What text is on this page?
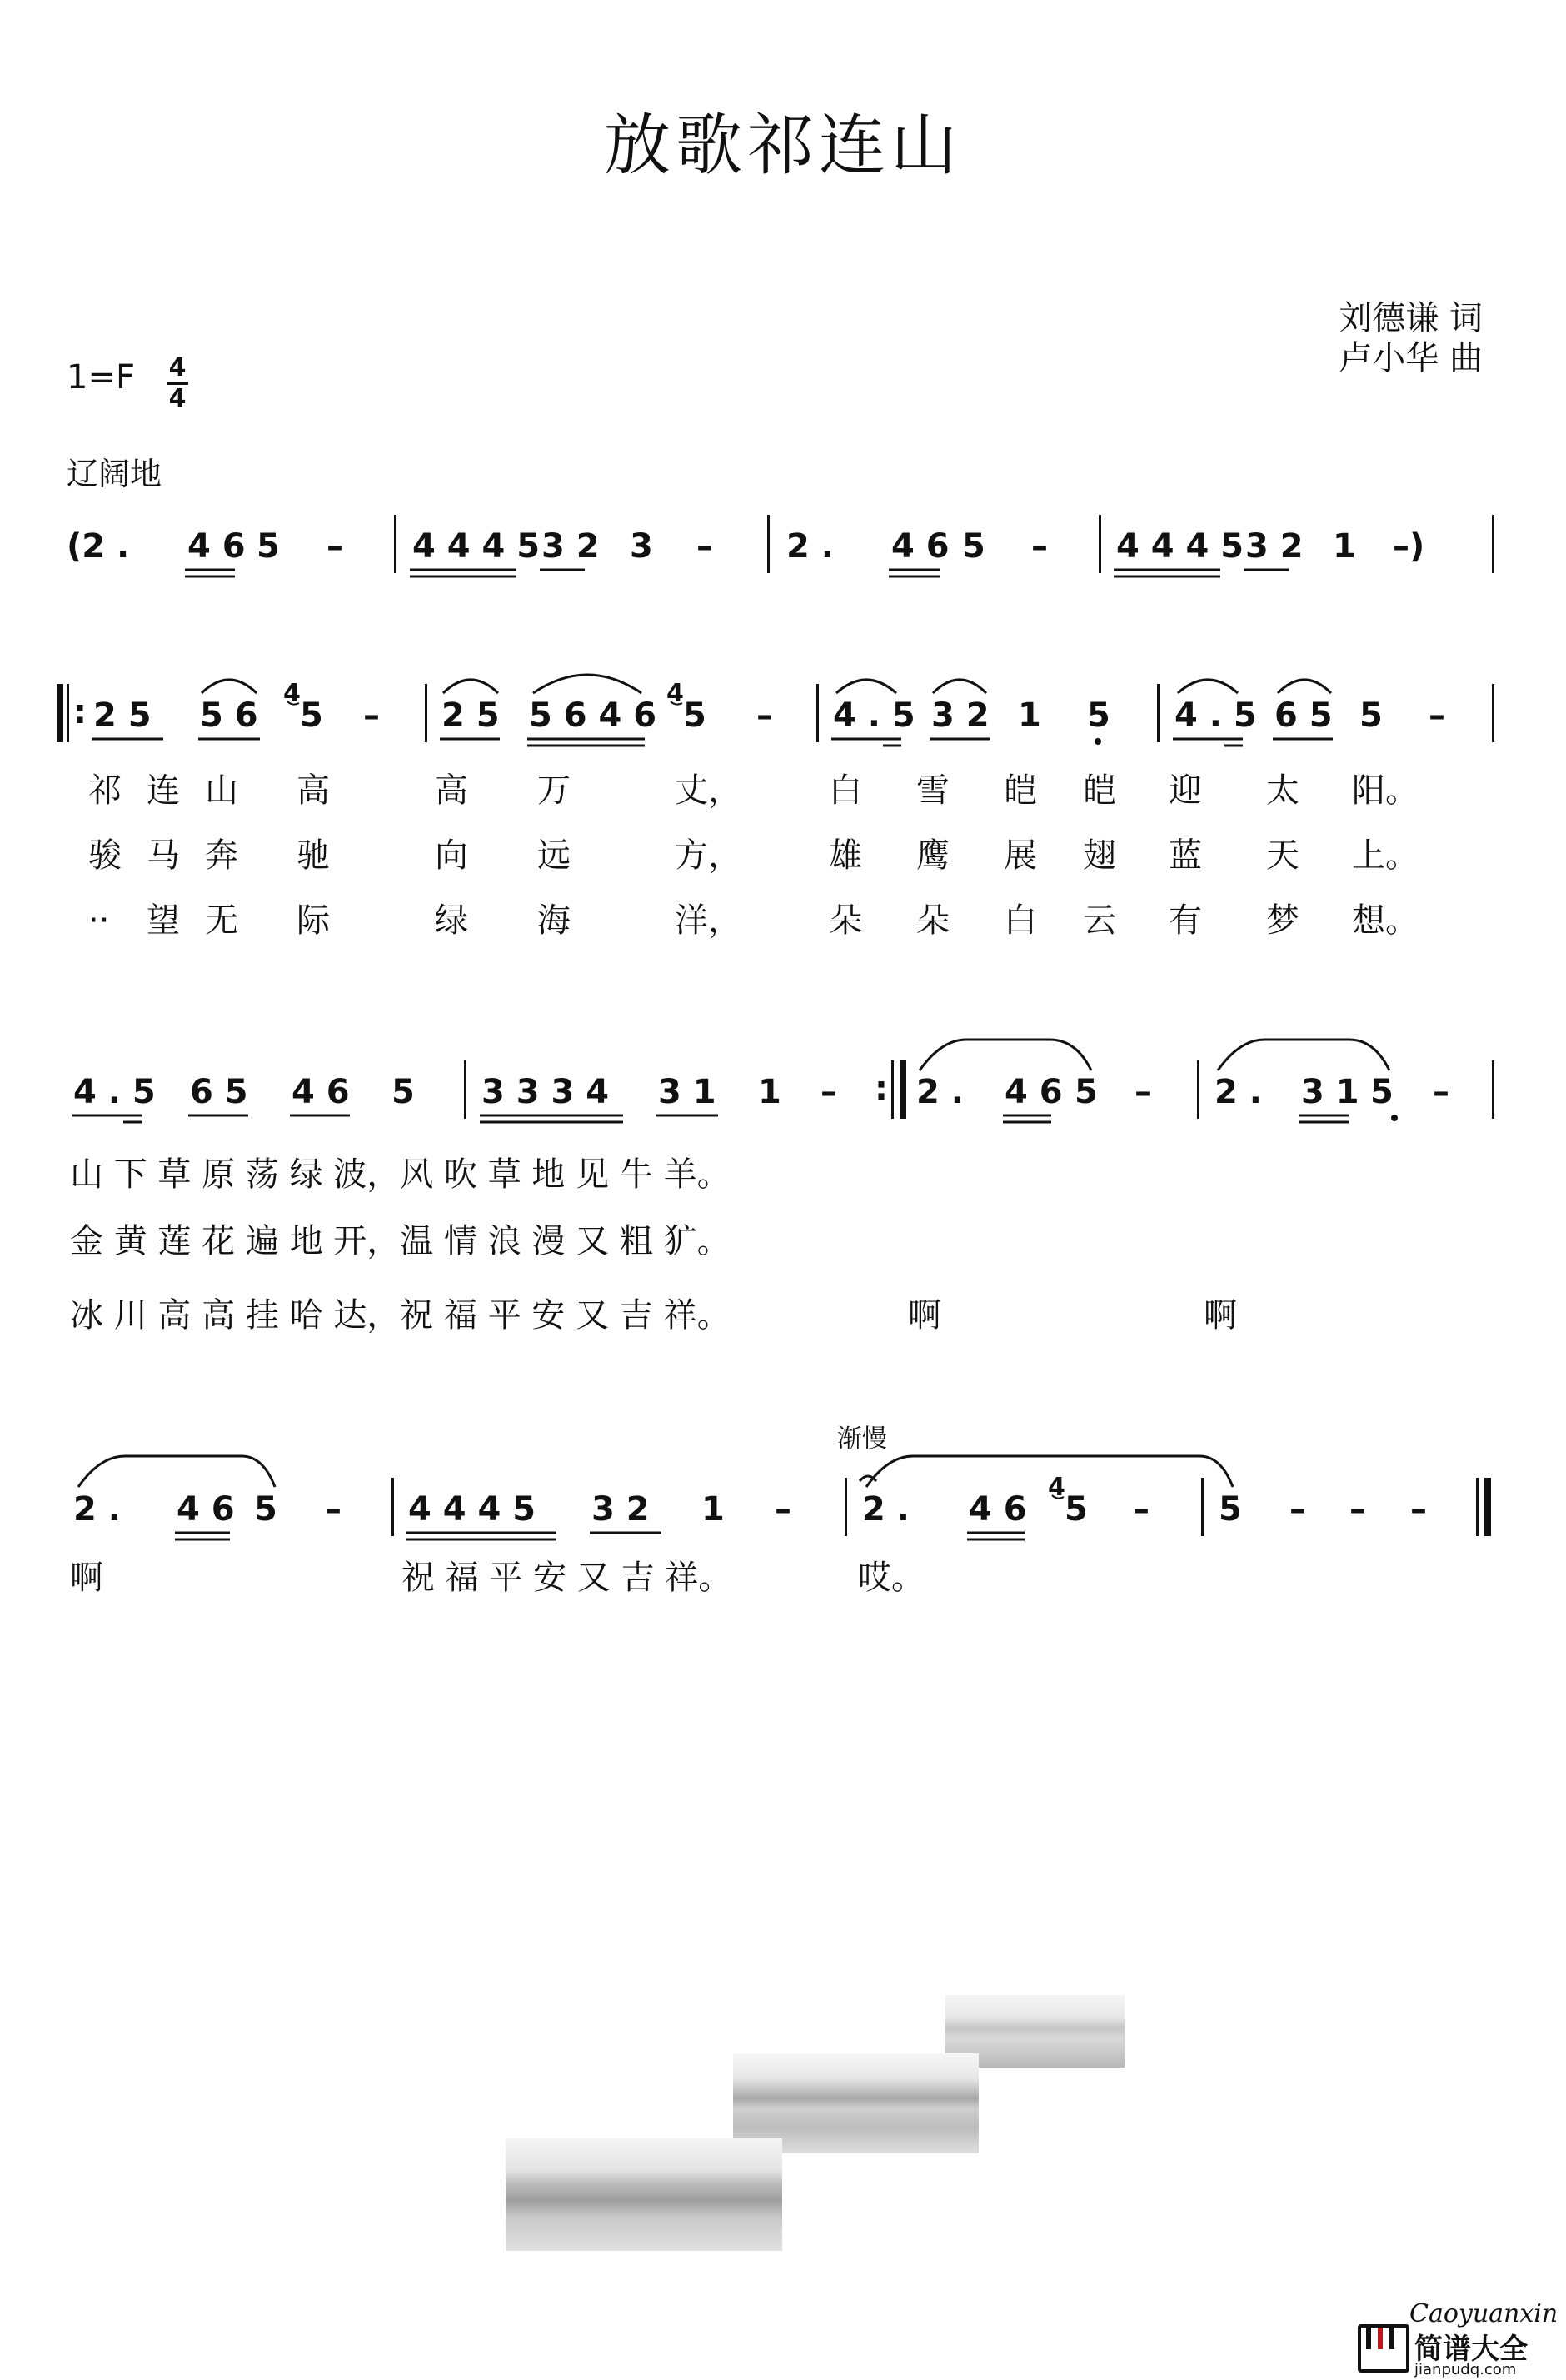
放歌祁连山
刘德谦 词
卢小华 曲
$1=F \frac{4}{4}$
辽阔地
(2 . 4 6 5 – 4 4 4 5 3 2 3 – 2 . 4 6 5 – 4 4 4 5 3 2 1 –)
: 2 5 5 6
4
5 – 2 5 5 6 4 6
4
5 – 4 . 5 3 2 1 5 4 . 5 6 5 5 –
祁 连 山 高	高 万	丈，	白 雪 皑 皑 迎 太 阳。
骏 马 奔 驰	向 远	方，	雄 鹰 展 翅 蓝 天 上。
·· 望 无 际	绿 海	洋，	朵 朵 白 云 有 梦 想。
4 . 5 6 5 4 6 5 3 3 3 4 3 1 1 – : 2 . 4 6 5 – 2 . 3 1 5 –
山 下 草 原 荡 绿 波，风 吹 草 地 见 牛 羊。
金 黄 莲 花 遍 地 开，温 情 浪 漫 又 粗 犷。
冰 川 高 高 挂 哈 达，祝 福 平 安 又 吉 祥。	啊	啊
渐慢
2 . 4 6 5 – 4 4 4 5 3 2 1 – 2 . 4 6
4
5 – 5 – – –
啊	祝 福 平 安 又 吉 祥。	哎。
Caoyuanxin
简谱大全
jianpudq.com
